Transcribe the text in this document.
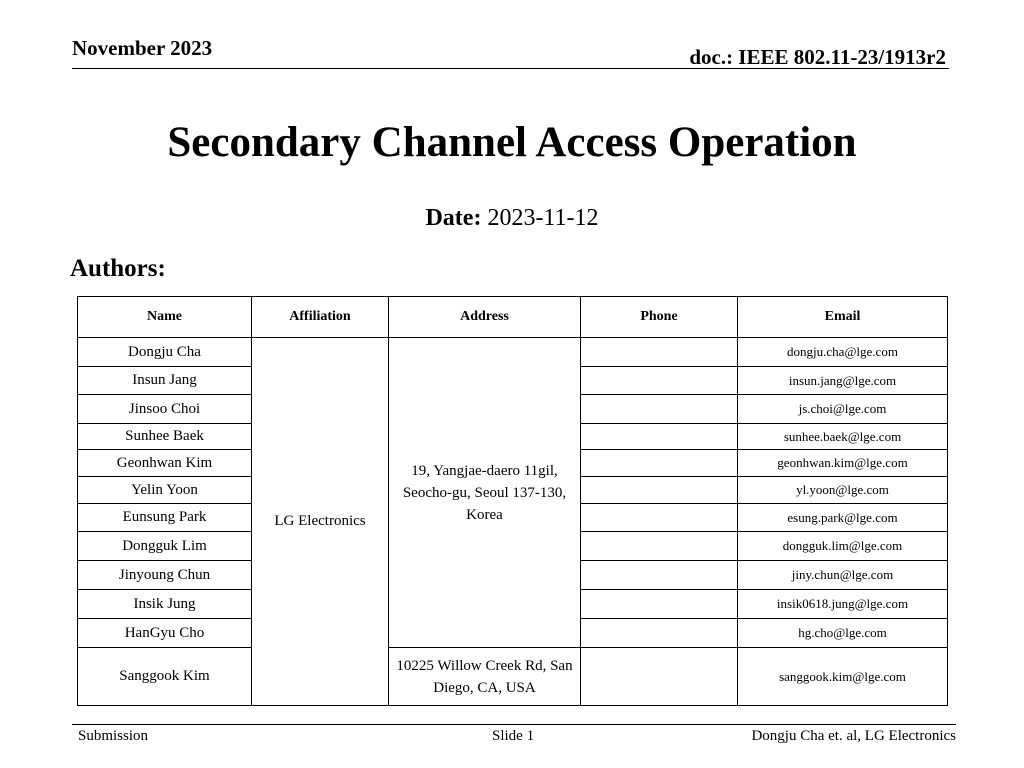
November 2023	doc.: IEEE 802.11-23/1913r2
Secondary Channel Access Operation
Date: 2023-11-12
Authors:
Name	Affiliation	Address	Phone	Email
Dongju Cha	LG Electronics	19, Yangjae-daero 11gil, Seocho-gu, Seoul 137-130, Korea		dongju.cha@lge.com
Insun Jang				insun.jang@lge.com
Jinsoo Choi				js.choi@lge.com
Sunhee Baek				sunhee.baek@lge.com
Geonhwan Kim				geonhwan.kim@lge.com
Yelin Yoon				yl.yoon@lge.com
Eunsung Park				esung.park@lge.com
Dongguk Lim				dongguk.lim@lge.com
Jinyoung Chun				jiny.chun@lge.com
Insik Jung				insik0618.jung@lge.com
HanGyu Cho				hg.cho@lge.com
Sanggook Kim		10225 Willow Creek Rd, San Diego, CA, USA		sanggook.kim@lge.com
Submission	Slide 1	Dongju Cha et. al, LG Electronics
